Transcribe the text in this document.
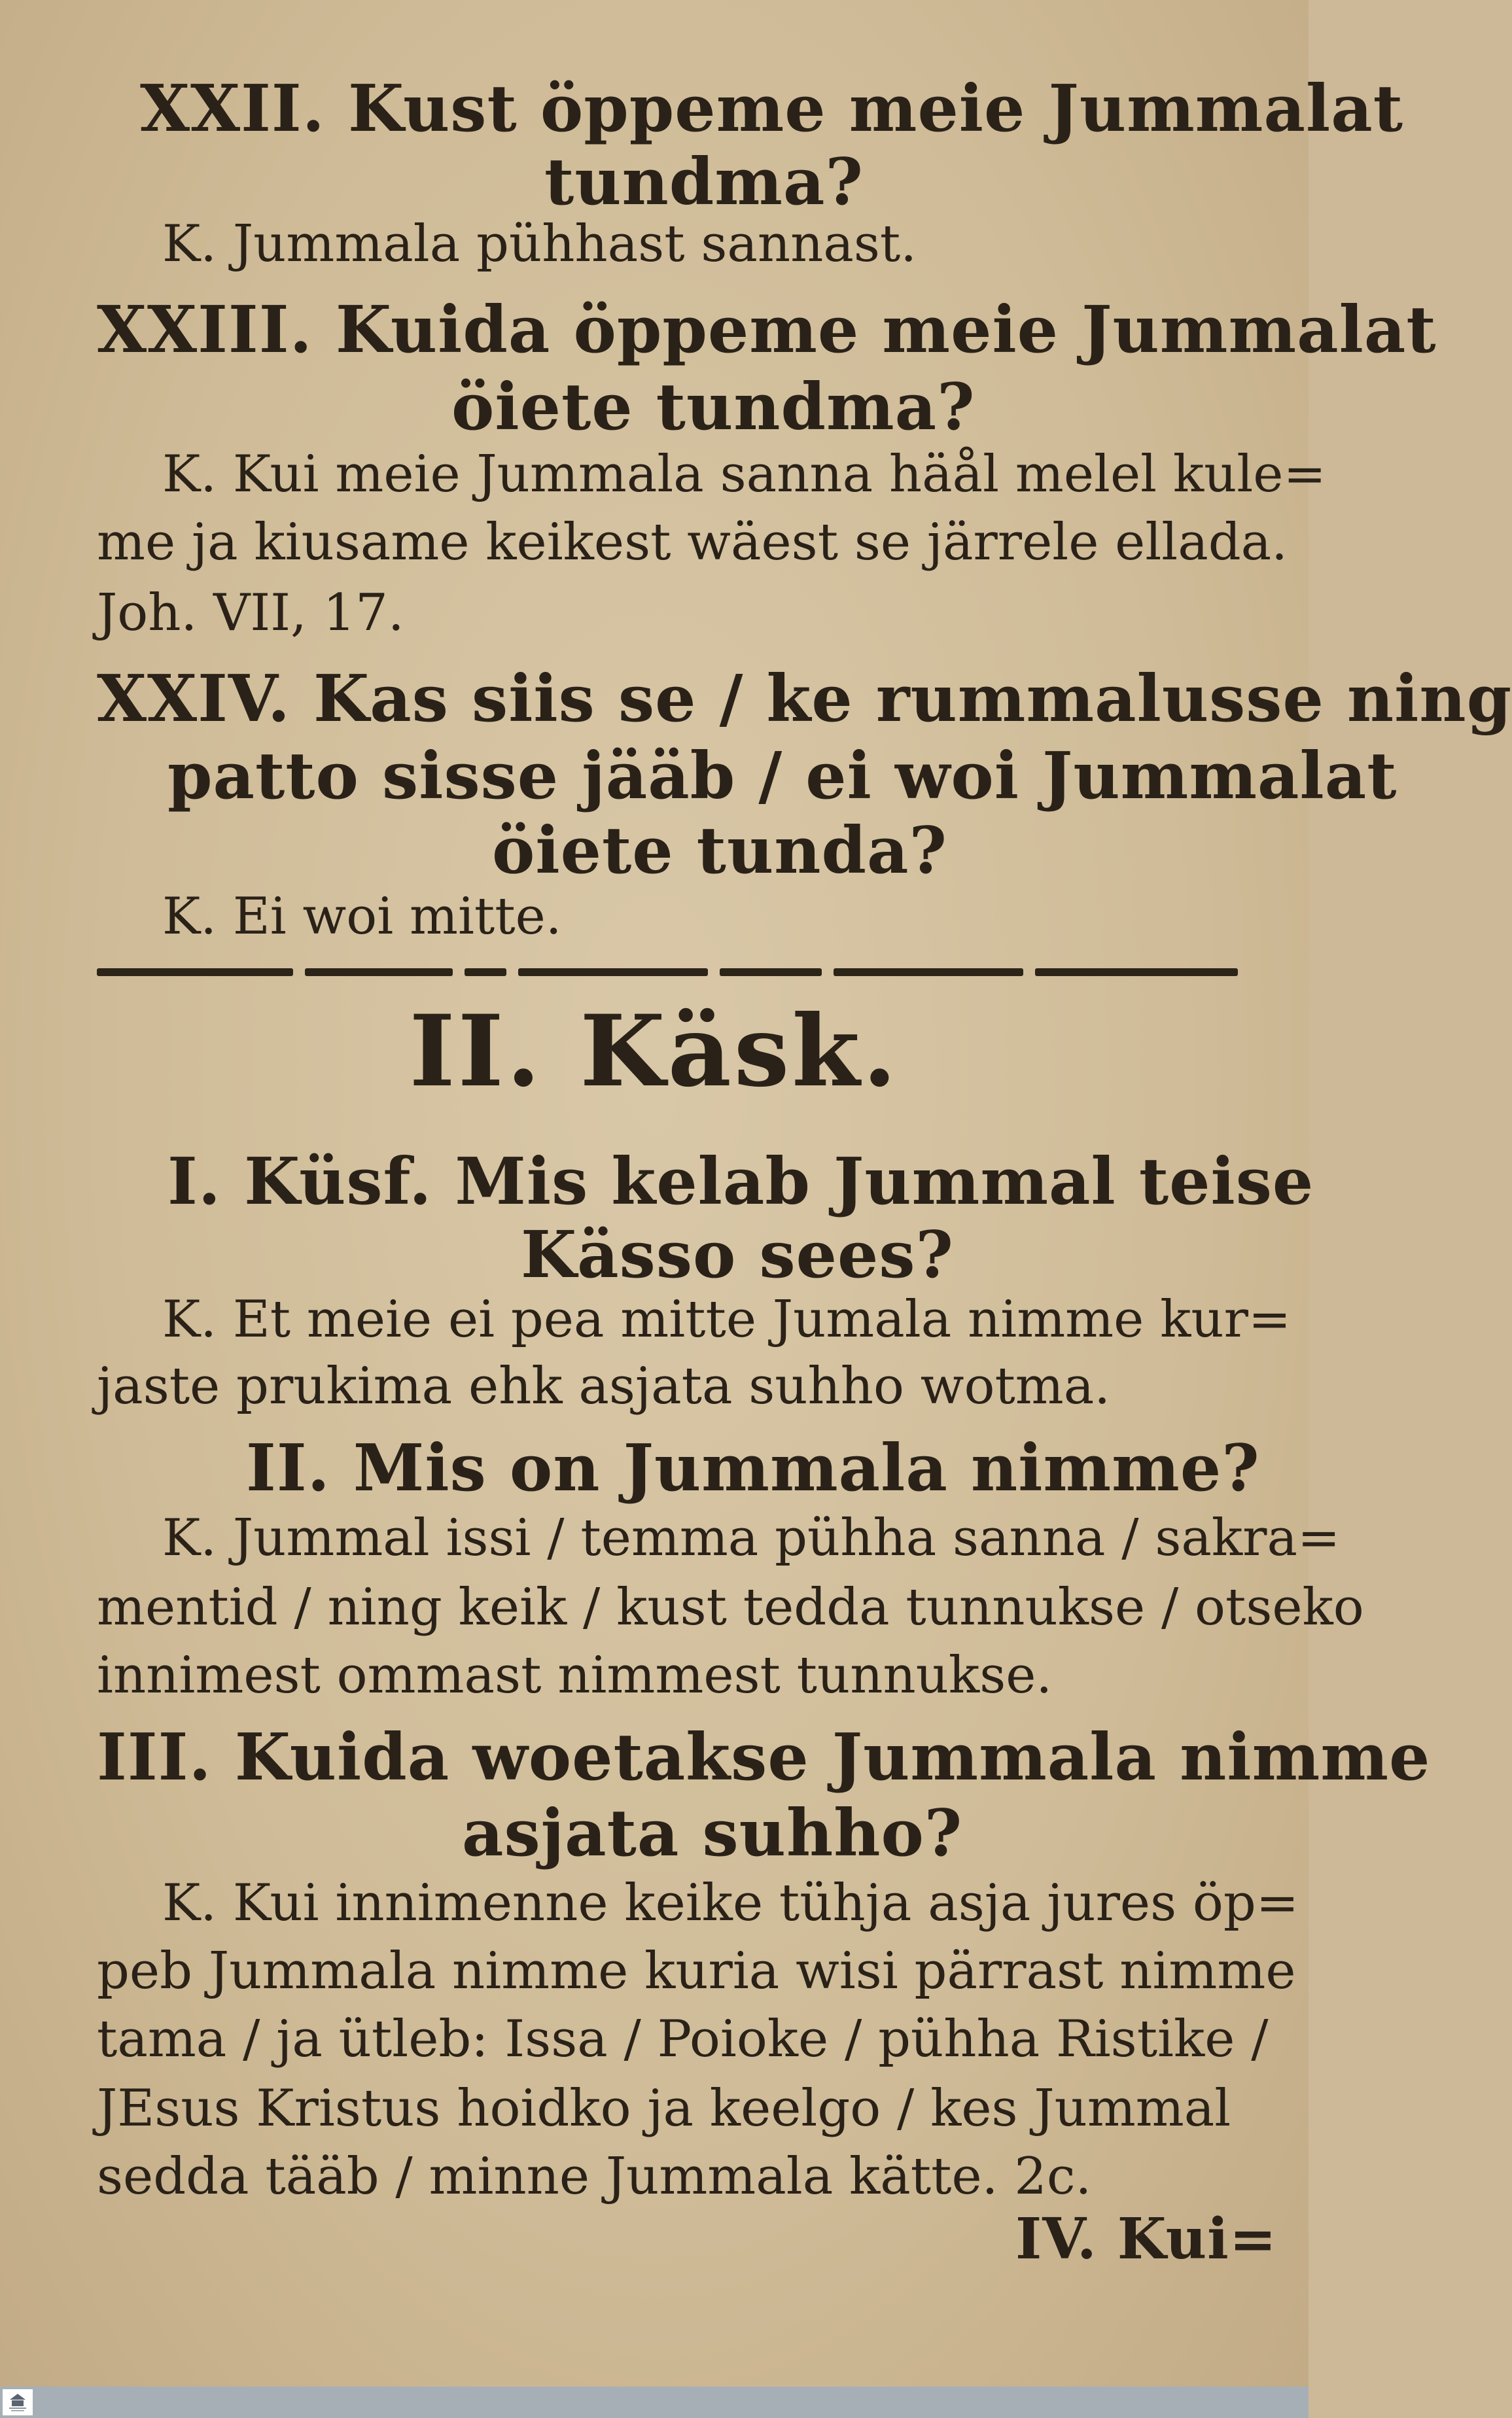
XXII. Kust öppeme meie Jummalat

tundma?

K. Jummala pühhast sannast.

XXIII. Kuida öppeme meie Jummalat

öiete tundma?

K. Kui meie Jummala sanna häål melel kule=

me ja kiusame keikest wäest se järrele ellada.

Joh. VII, 17.

XXIV. Kas siis se / ke rummalusse ning

patto sisse jääb / ei woi Jummalat

öiete tunda?

K. Ei woi mitte.

II. Käsk.

I. Küsf. Mis kelab Jummal teise

Kässo sees?

K. Et meie ei pea mitte Jumala nimme kur=

jaste prukima ehk asjata suhho wotma.

II. Mis on Jummala nimme?

K. Jummal issi / temma pühha sanna / sakra=

mentid / ning keik / kust tedda tunnukse / otseko

innimest ommast nimmest tunnukse.

III. Kuida woetakse Jummala nimme

asjata suhho?

K. Kui innimenne keike tühja asja jures öp=

peb Jummala nimme kuria wisi pärrast nimme

tama / ja ütleb: Issa / Poioke / pühha Ristike /

JEsus Kristus hoidko ja keelgo / kes Jummal

sedda tääb / minne Jummala kätte. 2c.

IV. Kui=
